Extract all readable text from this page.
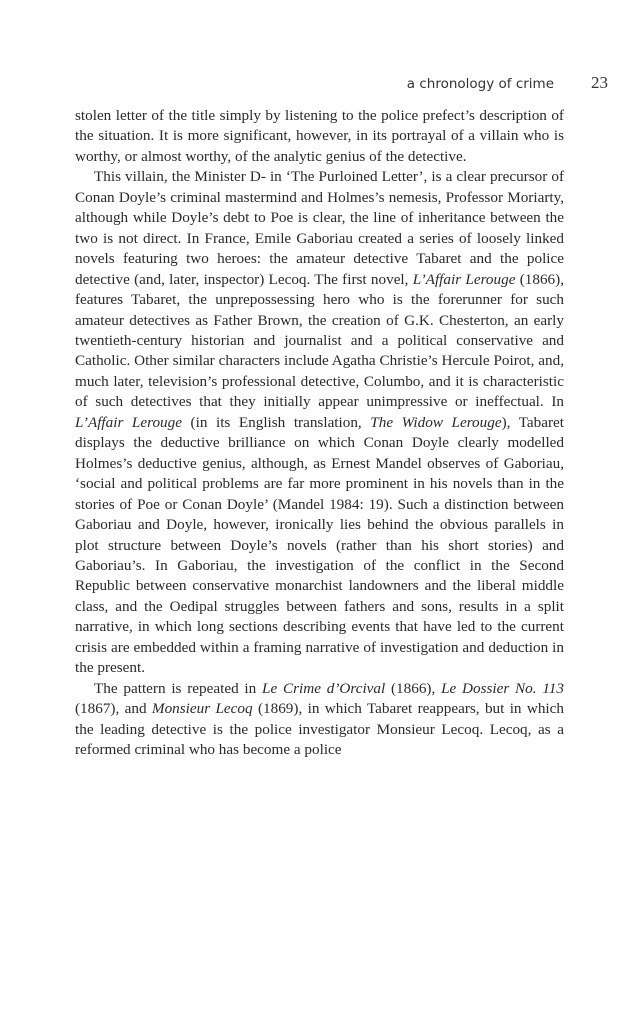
a chronology of crime 23

stolen letter of the title simply by listening to the police prefect’s description of the situation. It is more significant, however, in its portrayal of a villain who is worthy, or almost worthy, of the analytic genius of the detective.

This villain, the Minister D- in ‘The Purloined Letter’, is a clear precursor of Conan Doyle’s criminal mastermind and Holmes’s nemesis, Professor Moriarty, although while Doyle’s debt to Poe is clear, the line of inheritance between the two is not direct. In France, Emile Gaboriau created a series of loosely linked novels featuring two heroes: the amateur detective Tabaret and the police detective (and, later, inspector) Lecoq. The first novel, L’Affair Lerouge (1866), features Tabaret, the unprepossessing hero who is the forerunner for such amateur detectives as Father Brown, the creation of G.K. Chesterton, an early twentieth-century historian and journalist and a political conservative and Catholic. Other similar characters include Agatha Christie’s Hercule Poirot, and, much later, television’s professional detective, Columbo, and it is characteristic of such detectives that they initially appear unimpressive or ineffectual. In L’Affair Lerouge (in its English translation, The Widow Lerouge), Tabaret displays the deductive brilliance on which Conan Doyle clearly modelled Holmes’s deductive genius, although, as Ernest Mandel observes of Gaboriau, ‘social and political problems are far more prominent in his novels than in the stories of Poe or Conan Doyle’ (Mandel 1984: 19). Such a distinction between Gaboriau and Doyle, however, ironically lies behind the obvious parallels in plot structure between Doyle’s novels (rather than his short stories) and Gaboriau’s. In Gaboriau, the investigation of the conflict in the Second Republic between conservative monarchist landowners and the liberal middle class, and the Oedipal struggles between fathers and sons, results in a split narrative, in which long sections describing events that have led to the current crisis are embedded within a framing narrative of investigation and deduction in the present.

The pattern is repeated in Le Crime d’Orcival (1866), Le Dossier No. 113 (1867), and Monsieur Lecoq (1869), in which Tabaret reappears, but in which the leading detective is the police investigator Monsieur Lecoq. Lecoq, as a reformed criminal who has become a police
